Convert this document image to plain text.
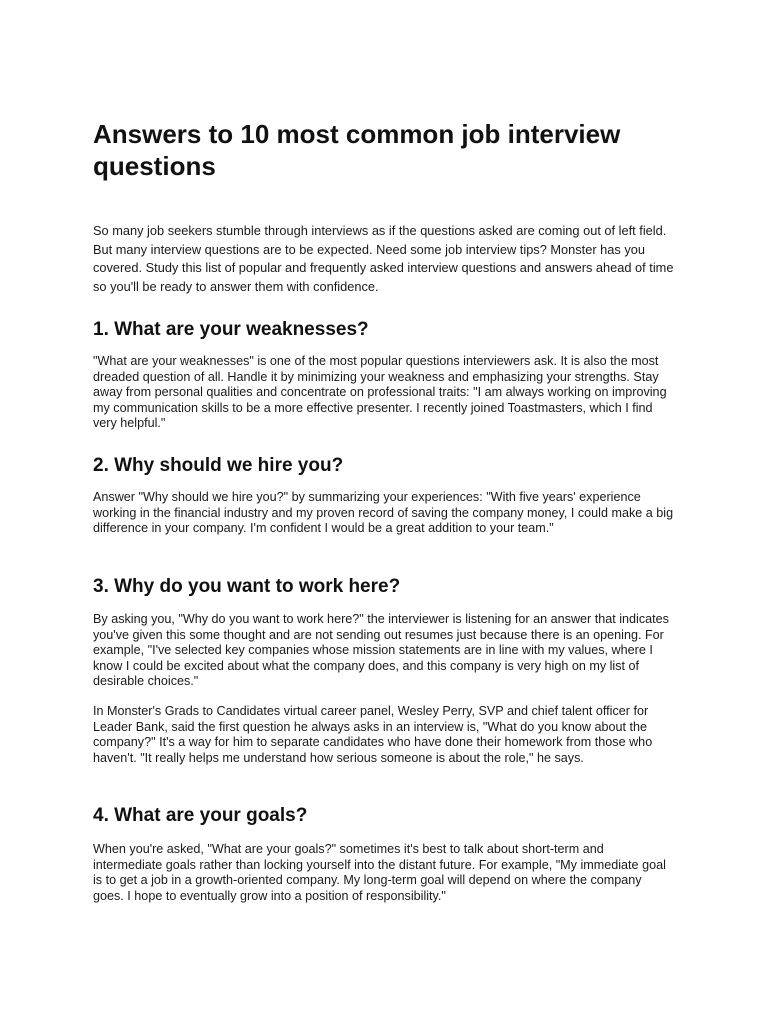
Answers to 10 most common job interview questions

So many job seekers stumble through interviews as if the questions asked are coming out of left field. But many interview questions are to be expected. Need some job interview tips? Monster has you covered. Study this list of popular and frequently asked interview questions and answers ahead of time so you'll be ready to answer them with confidence.

1. What are your weaknesses?

"What are your weaknesses" is one of the most popular questions interviewers ask. It is also the most dreaded question of all. Handle it by minimizing your weakness and emphasizing your strengths. Stay away from personal qualities and concentrate on professional traits: "I am always working on improving my communication skills to be a more effective presenter. I recently joined Toastmasters, which I find very helpful."

2. Why should we hire you?

Answer "Why should we hire you?" by summarizing your experiences: "With five years' experience working in the financial industry and my proven record of saving the company money, I could make a big difference in your company. I'm confident I would be a great addition to your team."

3. Why do you want to work here?

By asking you, "Why do you want to work here?" the interviewer is listening for an answer that indicates you've given this some thought and are not sending out resumes just because there is an opening. For example, "I've selected key companies whose mission statements are in line with my values, where I know I could be excited about what the company does, and this company is very high on my list of desirable choices."

In Monster's Grads to Candidates virtual career panel, Wesley Perry, SVP and chief talent officer for Leader Bank, said the first question he always asks in an interview is, "What do you know about the company?" It's a way for him to separate candidates who have done their homework from those who haven't. "It really helps me understand how serious someone is about the role," he says.

4. What are your goals?

When you're asked, "What are your goals?" sometimes it's best to talk about short-term and intermediate goals rather than locking yourself into the distant future. For example, "My immediate goal is to get a job in a growth-oriented company. My long-term goal will depend on where the company goes. I hope to eventually grow into a position of responsibility."
